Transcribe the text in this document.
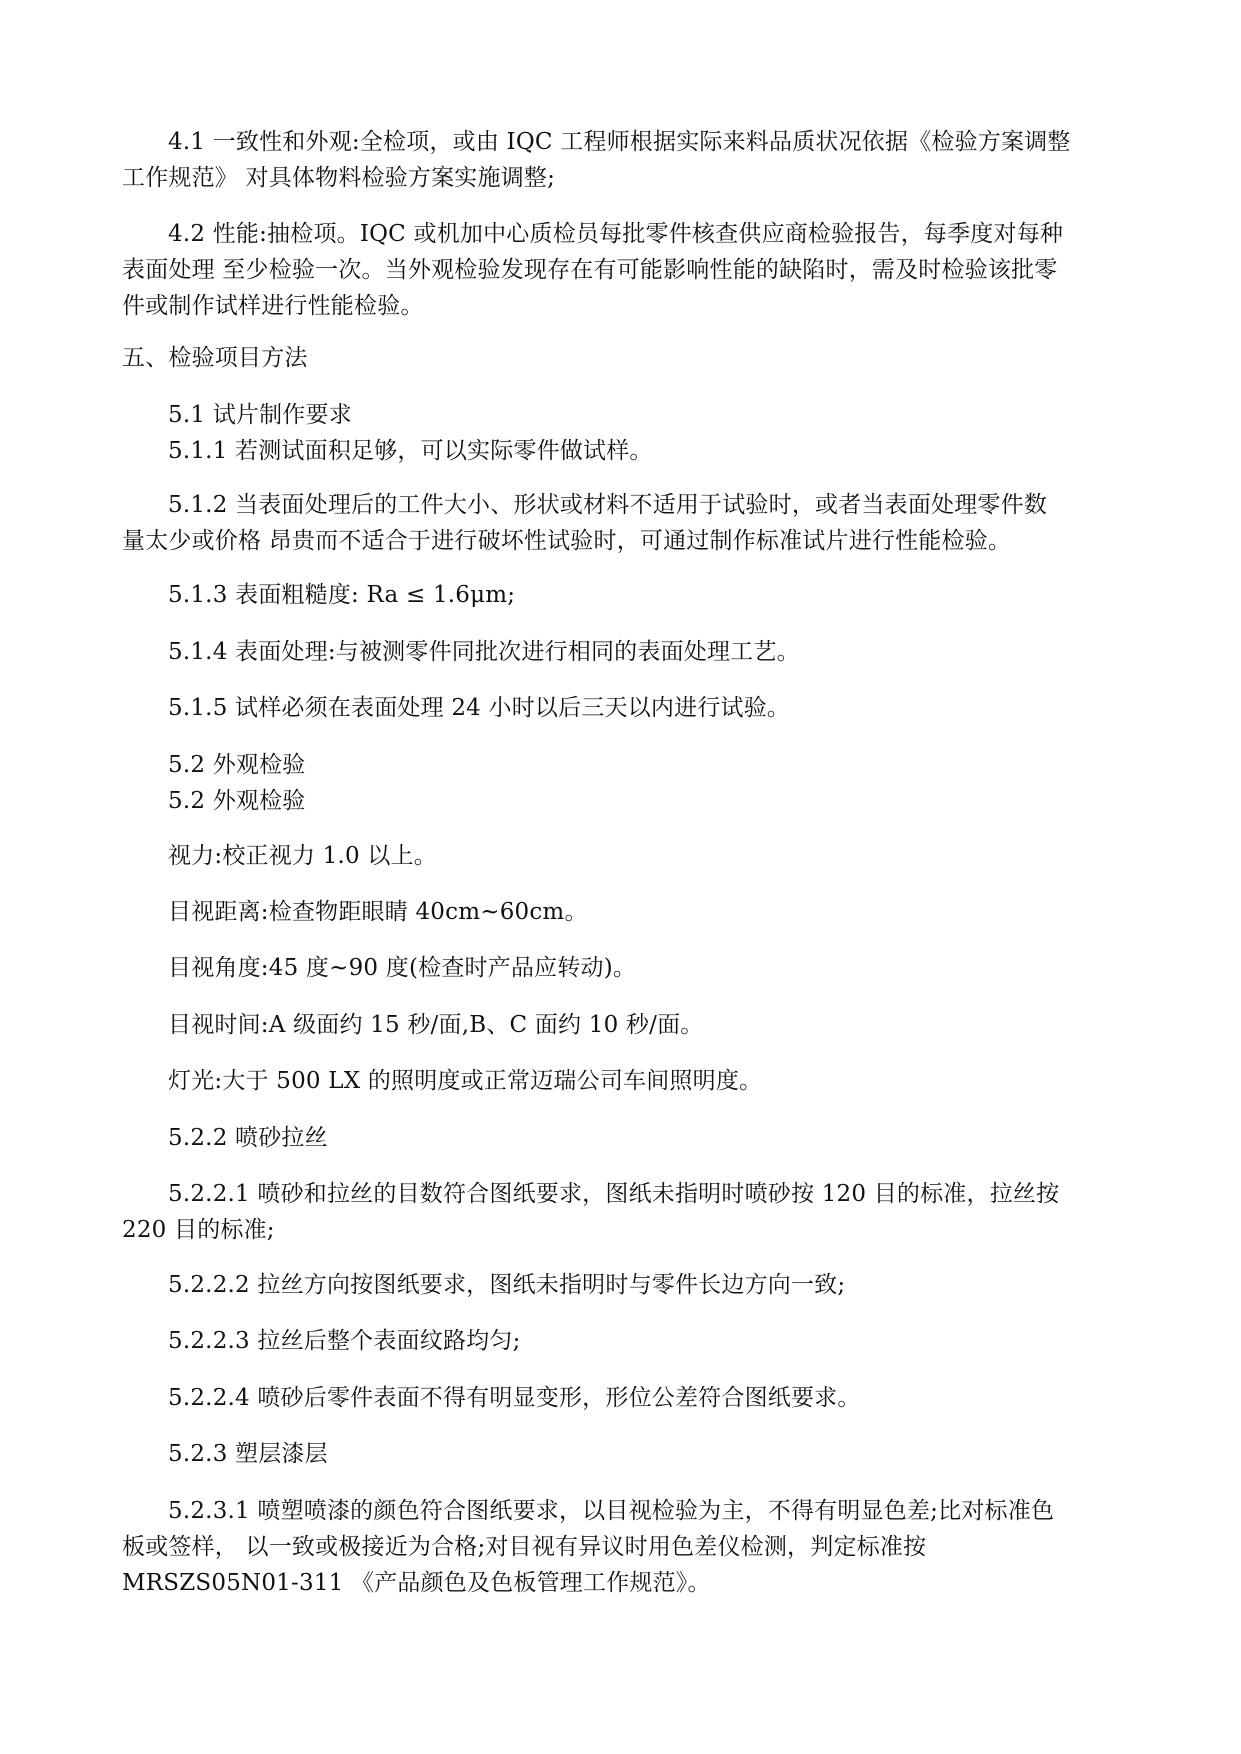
4.1 一致性和外观:全检项，或由 IQC 工程师根据实际来料品质状况依据《检验方案调整
工作规范》 对具体物料检验方案实施调整;
4.2 性能:抽检项。IQC 或机加中心质检员每批零件核查供应商检验报告，每季度对每种
表面处理 至少检验一次。当外观检验发现存在有可能影响性能的缺陷时，需及时检验该批零
件或制作试样进行性能检验。
五、检验项目方法
5.1 试片制作要求
5.1.1 若测试面积足够，可以实际零件做试样。
5.1.2 当表面处理后的工件大小、形状或材料不适用于试验时，或者当表面处理零件数
量太少或价格 昂贵而不适合于进行破坏性试验时，可通过制作标准试片进行性能检验。
5.1.3 表面粗糙度: Ra ≤ 1.6μm;
5.1.4 表面处理:与被测零件同批次进行相同的表面处理工艺。
5.1.5 试样必须在表面处理 24 小时以后三天以内进行试验。
5.2 外观检验
5.2 外观检验
视力:校正视力 1.0 以上。
目视距离:检查物距眼睛 40cm~60cm。
目视角度:45 度~90 度(检查时产品应转动)。
目视时间:A 级面约 15 秒/面,B、C 面约 10 秒/面。
灯光:大于 500 LX 的照明度或正常迈瑞公司车间照明度。
5.2.2 喷砂拉丝
5.2.2.1 喷砂和拉丝的目数符合图纸要求，图纸未指明时喷砂按 120 目的标准，拉丝按
220 目的标准;
5.2.2.2 拉丝方向按图纸要求，图纸未指明时与零件长边方向一致;
5.2.2.3 拉丝后整个表面纹路均匀;
5.2.2.4 喷砂后零件表面不得有明显变形，形位公差符合图纸要求。
5.2.3 塑层漆层
5.2.3.1 喷塑喷漆的颜色符合图纸要求，以目视检验为主，不得有明显色差;比对标准色
板或签样， 以一致或极接近为合格;对目视有异议时用色差仪检测，判定标准按
MRSZS05N01-311 《产品颜色及色板管理工作规范》。
